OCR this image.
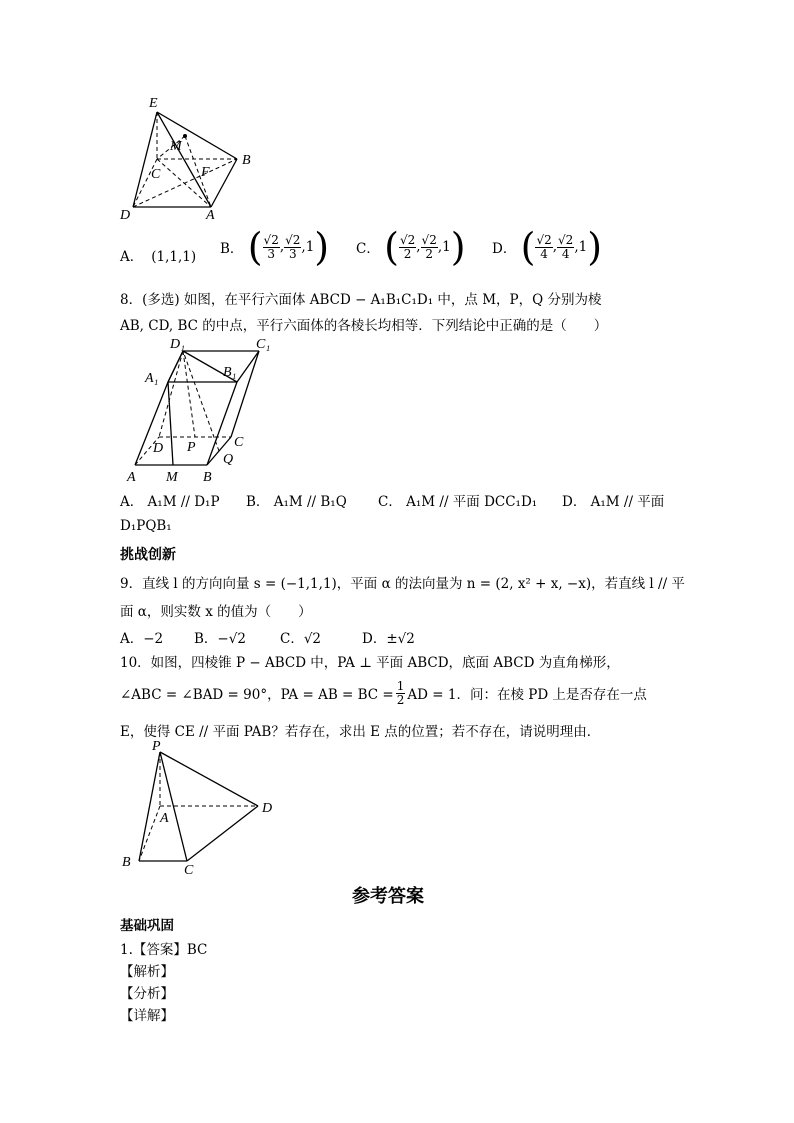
E
M
B
C	F
D	A
A． (1,1,1) B． ( $\frac{√2}{3}$ , $\frac{√2}{3} ,1$) C． ( $\frac{√2}{2}$ , $\frac{√2}{2} ,1$) D． ( $\frac{√2}{4}$ , $\frac{√2}{4} ,1$)
8．(多选) 如图，在平行六面体 ABCD − A₁B₁C₁D₁ 中，点 M，P，Q 分别为棱
AB, CD, BC 的中点，平行六面体的各棱长均相等．下列结论中正确的是（　　）
D₁	C₁
A₁	B₁
C
D P
Q
A M B
A． A₁M // D₁P B． A₁M // B₁Q C． A₁M // 平面 DCC₁D₁ D． A₁M // 平面
D₁PQB₁
挑战创新
9．直线 l 的方向向量 s = (−1,1,1)，平面 α 的法向量为 n = (2, x² + x, −x)，若直线 l // 平
面 α，则实数 x 的值为（　　）
A．−2 B．−√2	C．√2	D．±√2
10．如图，四棱锥 P − ABCD 中，PA ⊥ 平面 ABCD，底面 ABCD 为直角梯形，
∠ABC = ∠BAD = 90°，PA = AB = BC = $\frac{1}{2}$ AD = 1．问：在棱 PD 上是否存在一点
E，使得 CE // 平面 PAB？若存在，求出 E 点的位置；若不存在，请说明理由．
P
A
D
B
C
参考答案
基础巩固
1.【答案】BC
【解析】
【分析】
【详解】
